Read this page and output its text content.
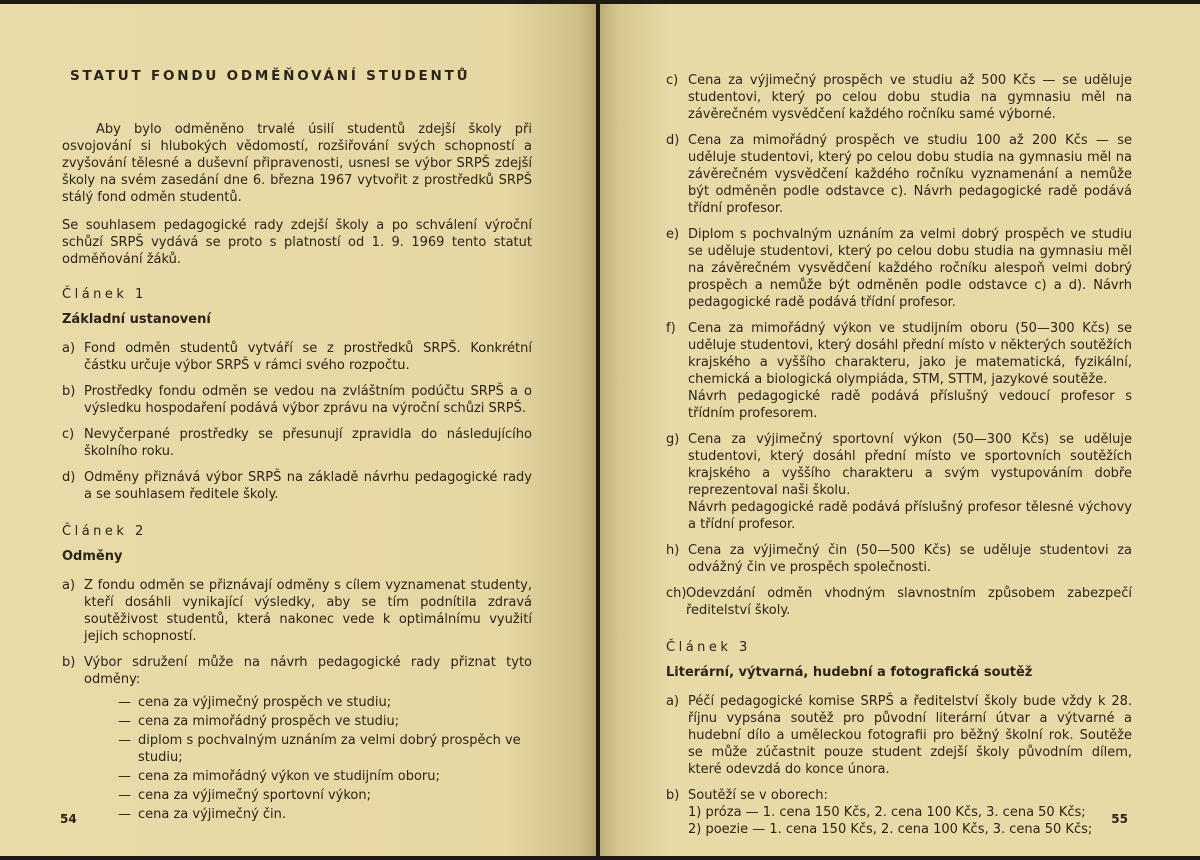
STATUT FONDU ODMĚŇOVÁNÍ STUDENTŮ

Aby bylo odměněno trvalé úsilí studentů zdejší školy při osvojování si hlubokých vědomostí, rozšiřování svých schopností a zvyšování tělesné a duševní připravenosti, usnesl se výbor SRPŠ zdejší školy na svém zasedání dne 6. března 1967 vytvořit z prostředků SRPŠ stálý fond odměn studentů.

Se souhlasem pedagogické rady zdejší školy a po schválení výroční schůzí SRPŠ vydává se proto s platností od 1. 9. 1969 tento statut odměňování žáků.

Článek 1
Základní ustanovení
a) Fond odměn studentů vytváří se z prostředků SRPŠ. Konkrétní částku určuje výbor SRPŠ v rámci svého rozpočtu.
b) Prostředky fondu odměn se vedou na zvláštním podúčtu SRPŠ a o výsledku hospodaření podává výbor zprávu na výroční schůzi SRPŠ.
c) Nevyčerpané prostředky se přesunují zpravidla do následujícího školního roku.
d) Odměny přiznává výbor SRPŠ na základě návrhu pedagogické rady a se souhlasem ředitele školy.
Článek 2
Odměny
a) Z fondu odměn se přiznávají odměny s cílem vyznamenat studenty, kteří dosáhli vynikající výsledky, aby se tím podnítila zdravá soutěživost studentů, která nakonec vede k optimálnímu využití jejich schopností.
b) Výbor sdružení může na návrh pedagogické rady přiznat tyto odměny:
— cena za výjimečný prospěch ve studiu;
— cena za mimořádný prospěch ve studiu;
— diplom s pochvalným uznáním za velmi dobrý prospěch ve studiu;
— cena za mimořádný výkon ve studijním oboru;
— cena za výjimečný sportovní výkon;
— cena za výjimečný čin.
54
c) Cena za výjimečný prospěch ve studiu až 500 Kčs — se uděluje studentovi, který po celou dobu studia na gymnasiu měl na závěrečném vysvědčení každého ročníku samé výborné.
d) Cena za mimořádný prospěch ve studiu 100 až 200 Kčs — se uděluje studentovi, který po celou dobu studia na gymnasiu měl na závěrečném vysvědčení každého ročníku vyznamenání a nemůže být odměněn podle odstavce c). Návrh pedagogické radě podává třídní profesor.
e) Diplom s pochvalným uznáním za velmi dobrý prospěch ve studiu se uděluje studentovi, který po celou dobu studia na gymnasiu měl na závěrečném vysvědčení každého ročníku alespoň velmi dobrý prospěch a nemůže být odměněn podle odstavce c) a d). Návrh pedagogické radě podává třídní profesor.
f) Cena za mimořádný výkon ve studijním oboru (50—300 Kčs) se uděluje studentovi, který dosáhl přední místo v některých soutěžích krajského a vyššího charakteru, jako je matematická, fyzikální, chemická a biologická olympiáda, STM, STTM, jazykové soutěže.
Návrh pedagogické radě podává příslušný vedoucí profesor s třídním profesorem.
g) Cena za výjimečný sportovní výkon (50—300 Kčs) se uděluje studentovi, který dosáhl přední místo ve sportovních soutěžích krajského a vyššího charakteru a svým vystupováním dobře reprezentoval naši školu.
Návrh pedagogické radě podává příslušný profesor tělesné výchovy a třídní profesor.
h) Cena za výjimečný čin (50—500 Kčs) se uděluje studentovi za odvážný čin ve prospěch společnosti.
ch) Odevzdání odměn vhodným slavnostním způsobem zabezpečí ředitelství školy.
Článek 3
Literární, výtvarná, hudební a fotografická soutěž
a) Péčí pedagogické komise SRPŠ a ředitelství školy bude vždy k 28. říjnu vypsána soutěž pro původní literární útvar a výtvarné a hudební dílo a uměleckou fotografii pro běžný školní rok. Soutěže se může zúčastnit pouze student zdejší školy původním dílem, které odevzdá do konce února.
b) Soutěží se v oborech:
1) próza — 1. cena 150 Kčs, 2. cena 100 Kčs, 3. cena 50 Kčs;
2) poezie — 1. cena 150 Kčs, 2. cena 100 Kčs, 3. cena 50 Kčs;
55
